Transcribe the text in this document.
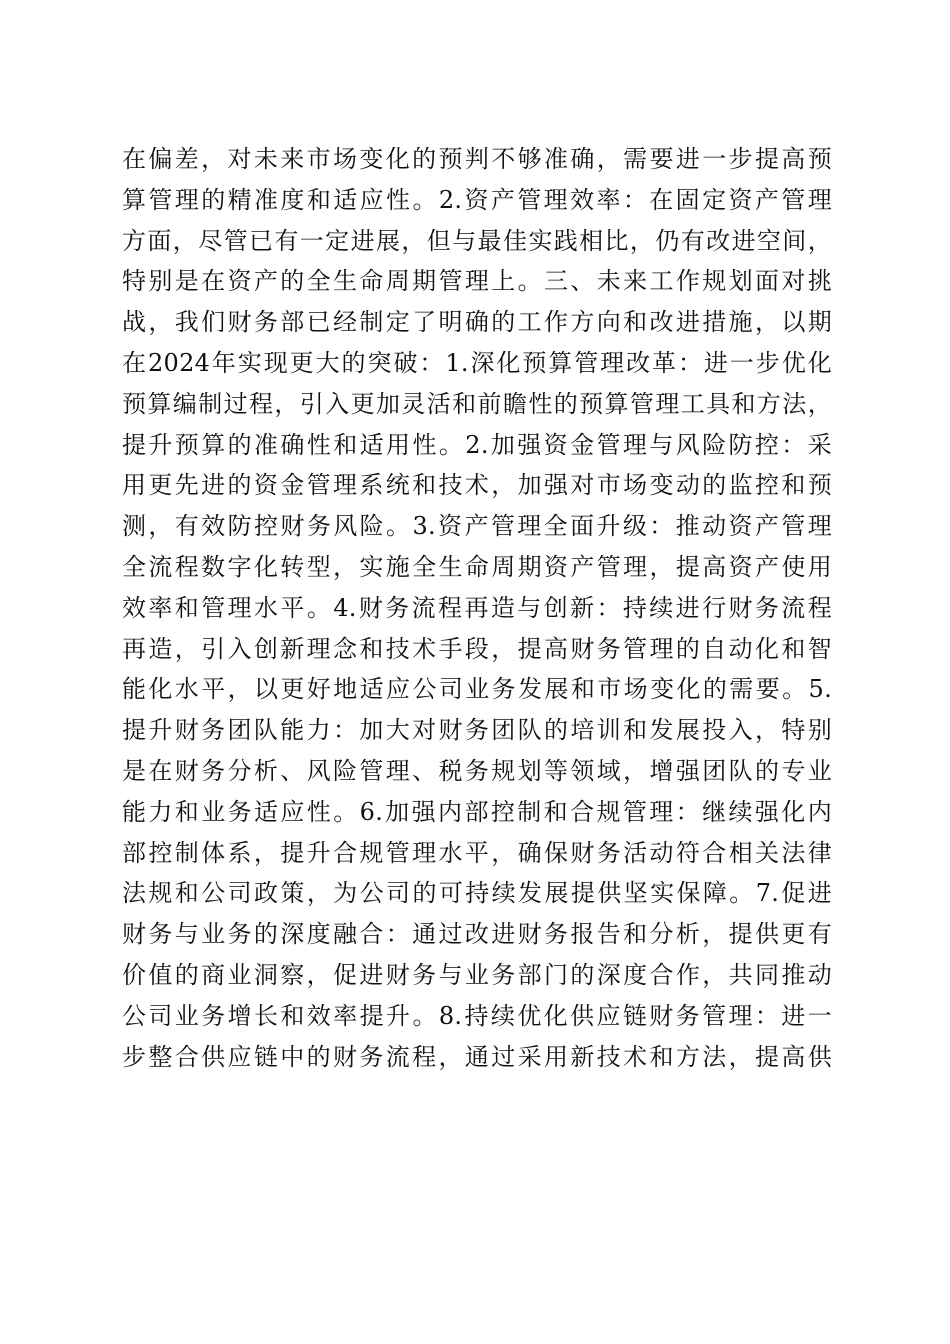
在偏差，对未来市场变化的预判不够准确，需要进一步提高预
算管理的精准度和适应性。2.资产管理效率：在固定资产管理
方面，尽管已有一定进展，但与最佳实践相比，仍有改进空间，
特别是在资产的全生命周期管理上。三、未来工作规划面对挑
战，我们财务部已经制定了明确的工作方向和改进措施，以期
在2024年实现更大的突破：1.深化预算管理改革：进一步优化
预算编制过程，引入更加灵活和前瞻性的预算管理工具和方法，
提升预算的准确性和适用性。2.加强资金管理与风险防控：采
用更先进的资金管理系统和技术，加强对市场变动的监控和预
测，有效防控财务风险。3.资产管理全面升级：推动资产管理
全流程数字化转型，实施全生命周期资产管理，提高资产使用
效率和管理水平。4.财务流程再造与创新：持续进行财务流程
再造，引入创新理念和技术手段，提高财务管理的自动化和智
能化水平，以更好地适应公司业务发展和市场变化的需要。5.
提升财务团队能力：加大对财务团队的培训和发展投入，特别
是在财务分析、风险管理、税务规划等领域，增强团队的专业
能力和业务适应性。6.加强内部控制和合规管理：继续强化内
部控制体系，提升合规管理水平，确保财务活动符合相关法律
法规和公司政策，为公司的可持续发展提供坚实保障。7.促进
财务与业务的深度融合：通过改进财务报告和分析，提供更有
价值的商业洞察，促进财务与业务部门的深度合作，共同推动
公司业务增长和效率提升。8.持续优化供应链财务管理：进一
步整合供应链中的财务流程，通过采用新技术和方法，提高供
